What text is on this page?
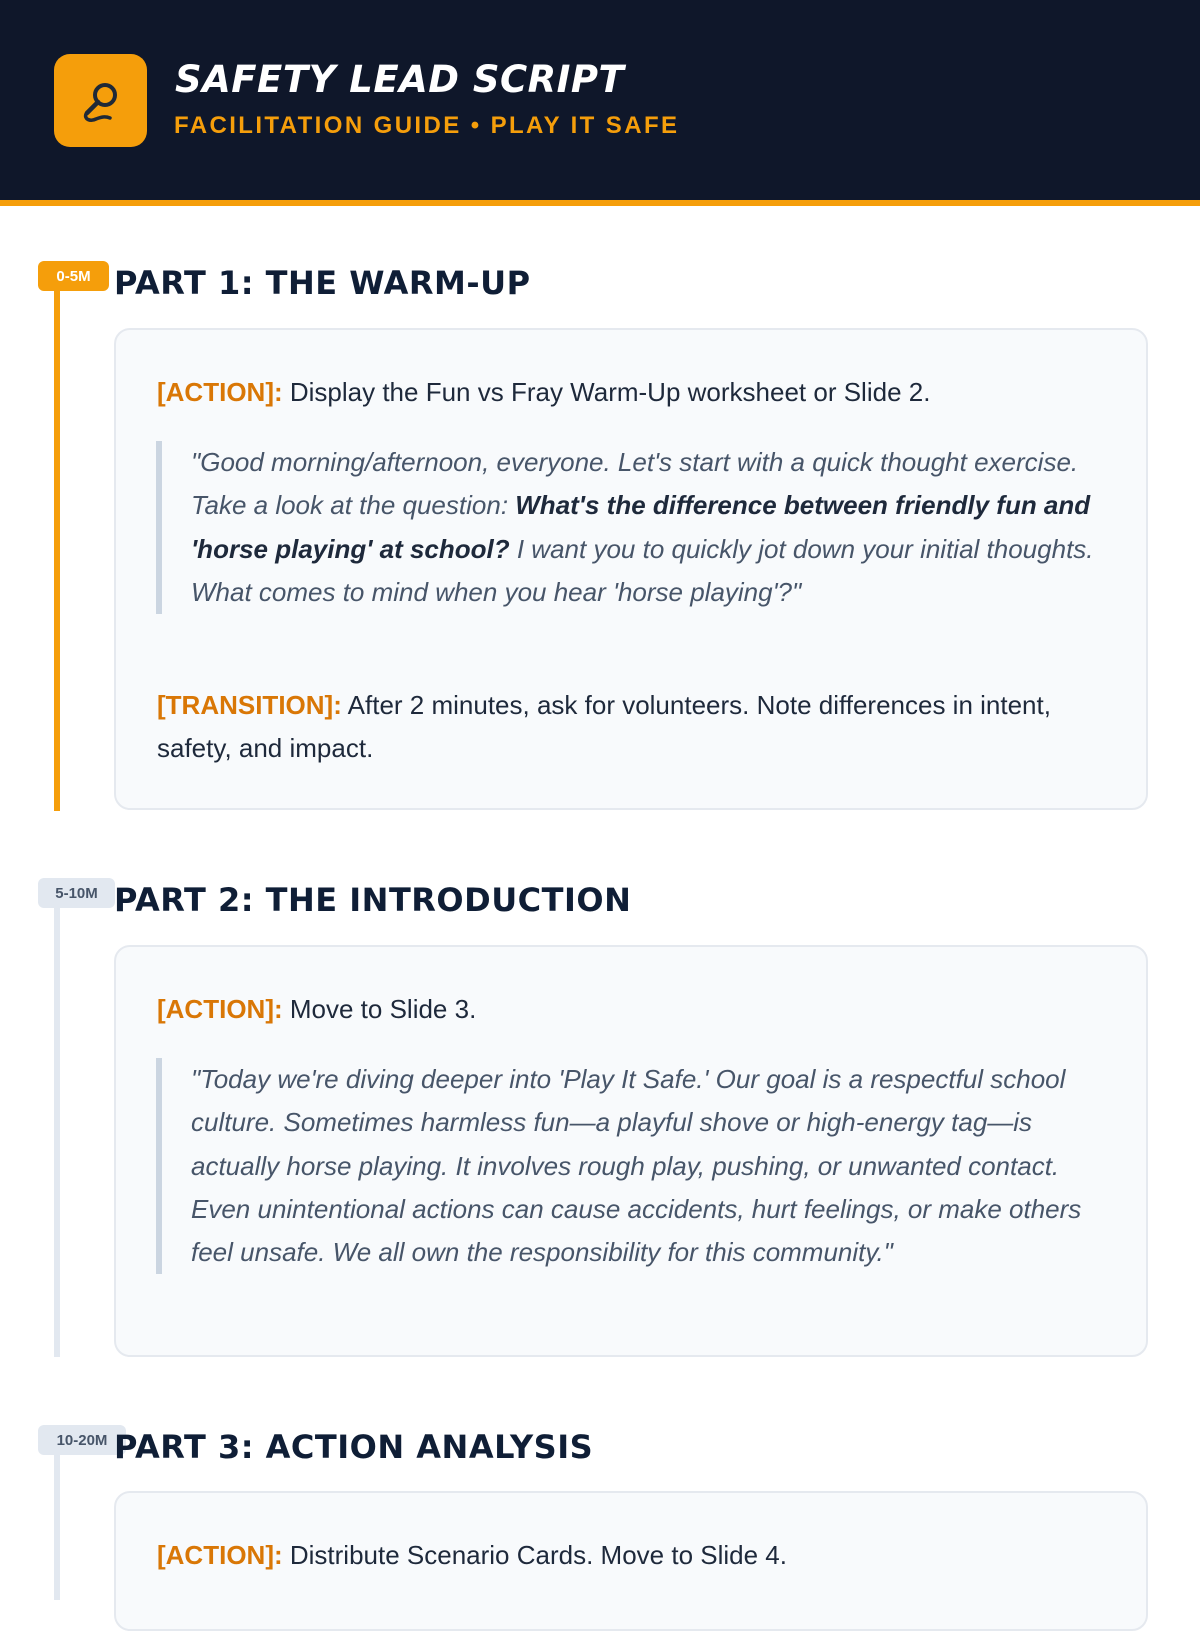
SAFETY LEAD SCRIPT
FACILITATION GUIDE • PLAY IT SAFE
0-5M PART 1: THE WARM-UP
[ACTION]: Display the Fun vs Fray Warm-Up worksheet or Slide 2.
"Good morning/afternoon, everyone. Let's start with a quick thought exercise. Take a look at the question: What's the difference between friendly fun and 'horse playing' at school? I want you to quickly jot down your initial thoughts. What comes to mind when you hear 'horse playing'?"
[TRANSITION]: After 2 minutes, ask for volunteers. Note differences in intent, safety, and impact.
5-10M PART 2: THE INTRODUCTION
[ACTION]: Move to Slide 3.
"Today we're diving deeper into 'Play It Safe.' Our goal is a respectful school culture. Sometimes harmless fun—a playful shove or high-energy tag—is actually horse playing. It involves rough play, pushing, or unwanted contact. Even unintentional actions can cause accidents, hurt feelings, or make others feel unsafe. We all own the responsibility for this community."
10-20M PART 3: ACTION ANALYSIS
[ACTION]: Distribute Scenario Cards. Move to Slide 4.
